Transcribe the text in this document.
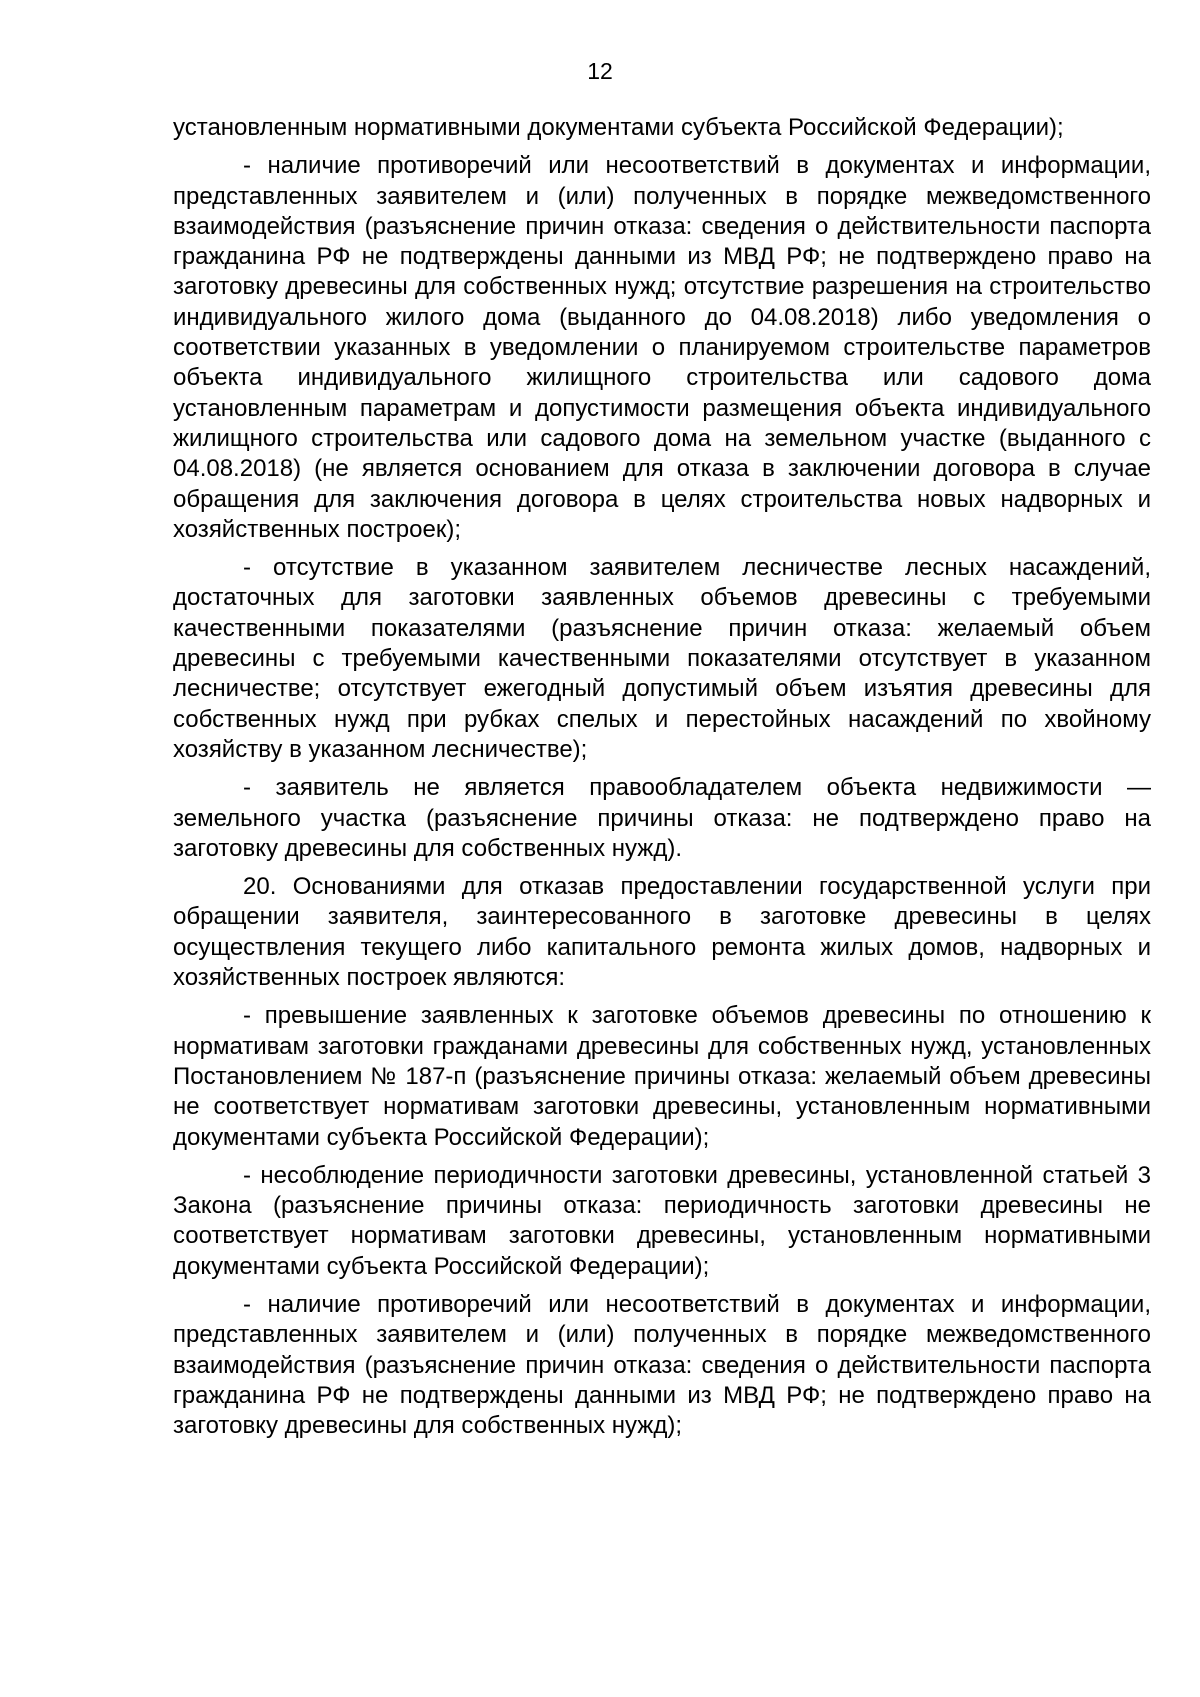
12

установленным нормативными документами субъекта Российской Федерации);

- наличие противоречий или несоответствий в документах и информации, представленных заявителем и (или) полученных в порядке межведомственного взаимодействия (разъяснение причин отказа: сведения о действительности паспорта гражданина РФ не подтверждены данными из МВД РФ; не подтверждено право на заготовку древесины для собственных нужд; отсутствие разрешения на строительство индивидуального жилого дома (выданного до 04.08.2018) либо уведомления о соответствии указанных в уведомлении о планируемом строительстве параметров объекта индивидуального жилищного строительства или садового дома установленным параметрам и допустимости размещения объекта индивидуального жилищного строительства или садового дома на земельном участке (выданного с 04.08.2018) (не является основанием для отказа в заключении договора в случае обращения для заключения договора в целях строительства новых надворных и хозяйственных построек);

- отсутствие в указанном заявителем лесничестве лесных насаждений, достаточных для заготовки заявленных объемов древесины с требуемыми качественными показателями (разъяснение причин отказа: желаемый объем древесины с требуемыми качественными показателями отсутствует в указанном лесничестве; отсутствует ежегодный допустимый объем изъятия древесины для собственных нужд при рубках спелых и перестойных насаждений по хвойному хозяйству в указанном лесничестве);

- заявитель не является правообладателем объекта недвижимости — земельного участка (разъяснение причины отказа: не подтверждено право на заготовку древесины для собственных нужд).

20. Основаниями для отказав предоставлении государственной услуги при обращении заявителя, заинтересованного в заготовке древесины в целях осуществления текущего либо капитального ремонта жилых домов, надворных и хозяйственных построек являются:

- превышение заявленных к заготовке объемов древесины по отношению к нормативам заготовки гражданами древесины для собственных нужд, установленных Постановлением № 187-п (разъяснение причины отказа: желаемый объем древесины не соответствует нормативам заготовки древесины, установленным нормативными документами субъекта Российской Федерации);

- несоблюдение периодичности заготовки древесины, установленной статьей 3 Закона (разъяснение причины отказа: периодичность заготовки древесины не соответствует нормативам заготовки древесины, установленным нормативными документами субъекта Российской Федерации);

- наличие противоречий или несоответствий в документах и информации, представленных заявителем и (или) полученных в порядке межведомственного взаимодействия (разъяснение причин отказа: сведения о действительности паспорта гражданина РФ не подтверждены данными из МВД РФ; не подтверждено право на заготовку древесины для собственных нужд);
